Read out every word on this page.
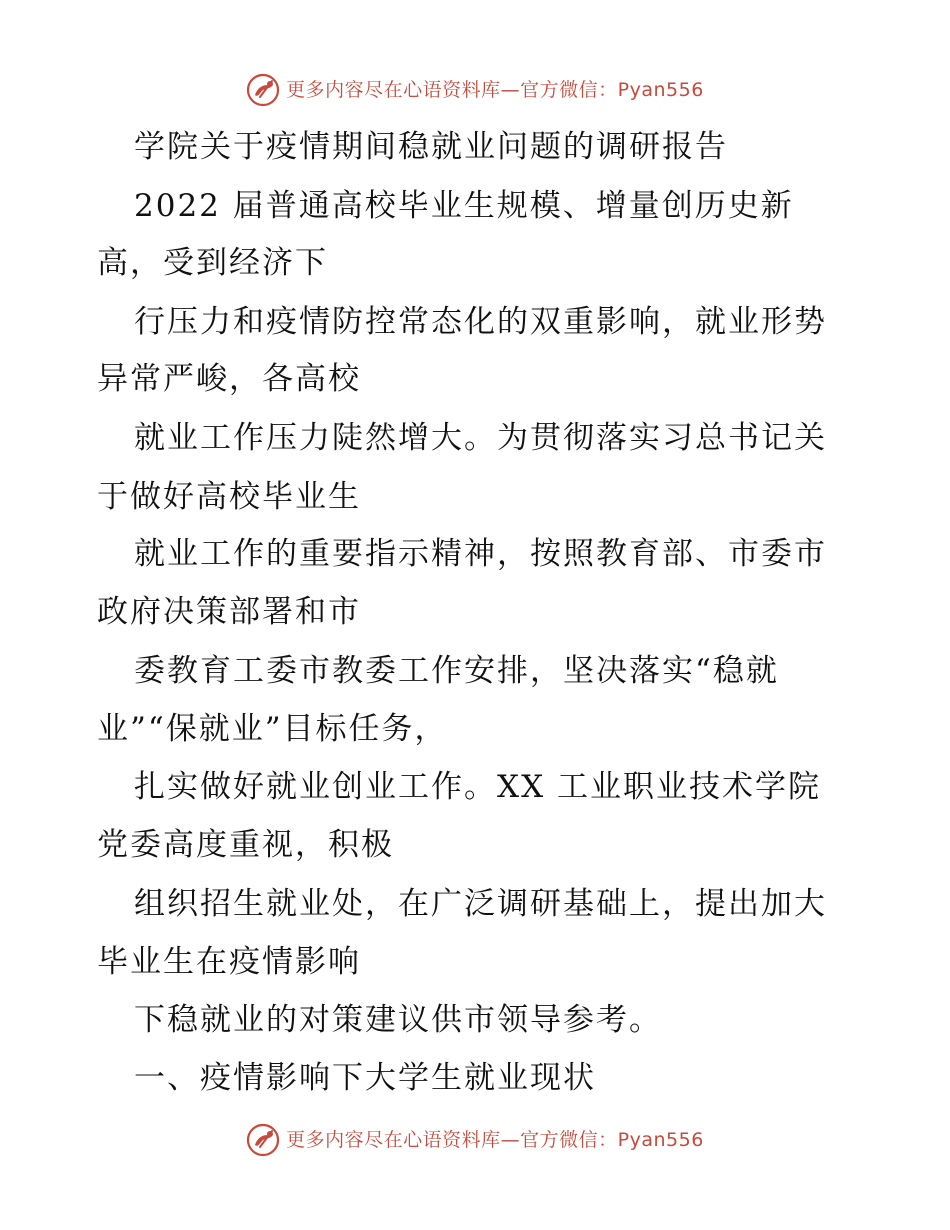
更多内容尽在心语资料库—官方微信：Pyan556
学院关于疫情期间稳就业问题的调研报告
2022 届普通高校毕业生规模、增量创历史新
高，受到经济下
行压力和疫情防控常态化的双重影响，就业形势
异常严峻，各高校
就业工作压力陡然增大。为贯彻落实习总书记关
于做好高校毕业生
就业工作的重要指示精神，按照教育部、市委市
政府决策部署和市
委教育工委市教委工作安排，坚决落实“稳就
业”“保就业”目标任务，
扎实做好就业创业工作。XX 工业职业技术学院
党委高度重视，积极
组织招生就业处，在广泛调研基础上，提出加大
毕业生在疫情影响
下稳就业的对策建议供市领导参考。
一、疫情影响下大学生就业现状
更多内容尽在心语资料库—官方微信：Pyan556
